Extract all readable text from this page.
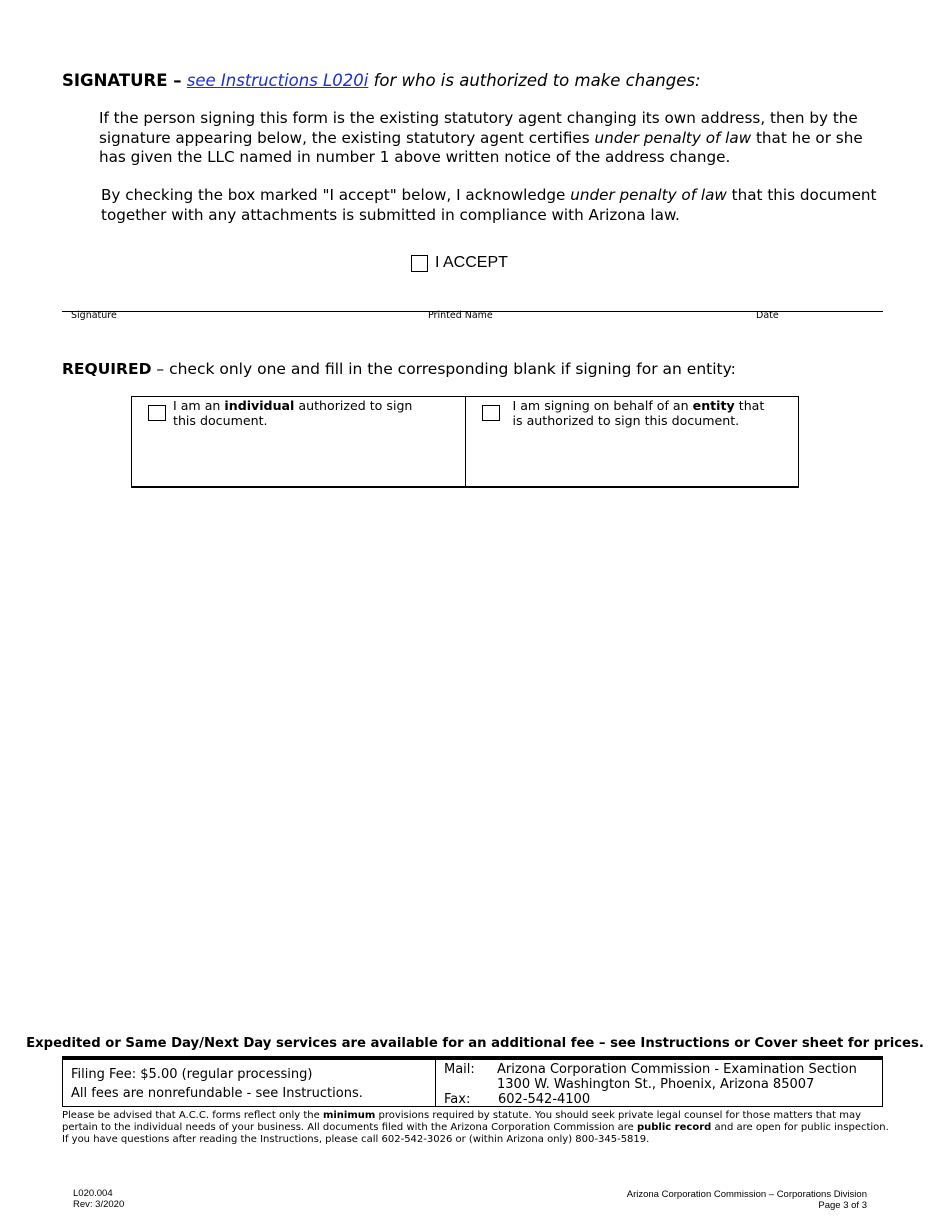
SIGNATURE – see Instructions L020i for who is authorized to make changes:
If the person signing this form is the existing statutory agent changing its own address, then by the signature appearing below, the existing statutory agent certifies under penalty of law that he or she has given the LLC named in number 1 above written notice of the address change.
By checking the box marked "I accept" below, I acknowledge under penalty of law that this document together with any attachments is submitted in compliance with Arizona law.
I ACCEPT
Signature	Printed Name	Date
REQUIRED – check only one and fill in the corresponding blank if signing for an entity:
I am an individual authorized to sign this document.
I am signing on behalf of an entity that is authorized to sign this document.
Expedited or Same Day/Next Day services are available for an additional fee – see Instructions or Cover sheet for prices.
Filing Fee: $5.00 (regular processing)
All fees are nonrefundable - see Instructions.
Mail: Arizona Corporation Commission - Examination Section
1300 W. Washington St., Phoenix, Arizona 85007
Fax: 602-542-4100
Please be advised that A.C.C. forms reflect only the minimum provisions required by statute. You should seek private legal counsel for those matters that may pertain to the individual needs of your business. All documents filed with the Arizona Corporation Commission are public record and are open for public inspection.
If you have questions after reading the Instructions, please call 602-542-3026 or (within Arizona only) 800-345-5819.
L020.004
Rev: 3/2020
Arizona Corporation Commission – Corporations Division
Page 3 of 3
